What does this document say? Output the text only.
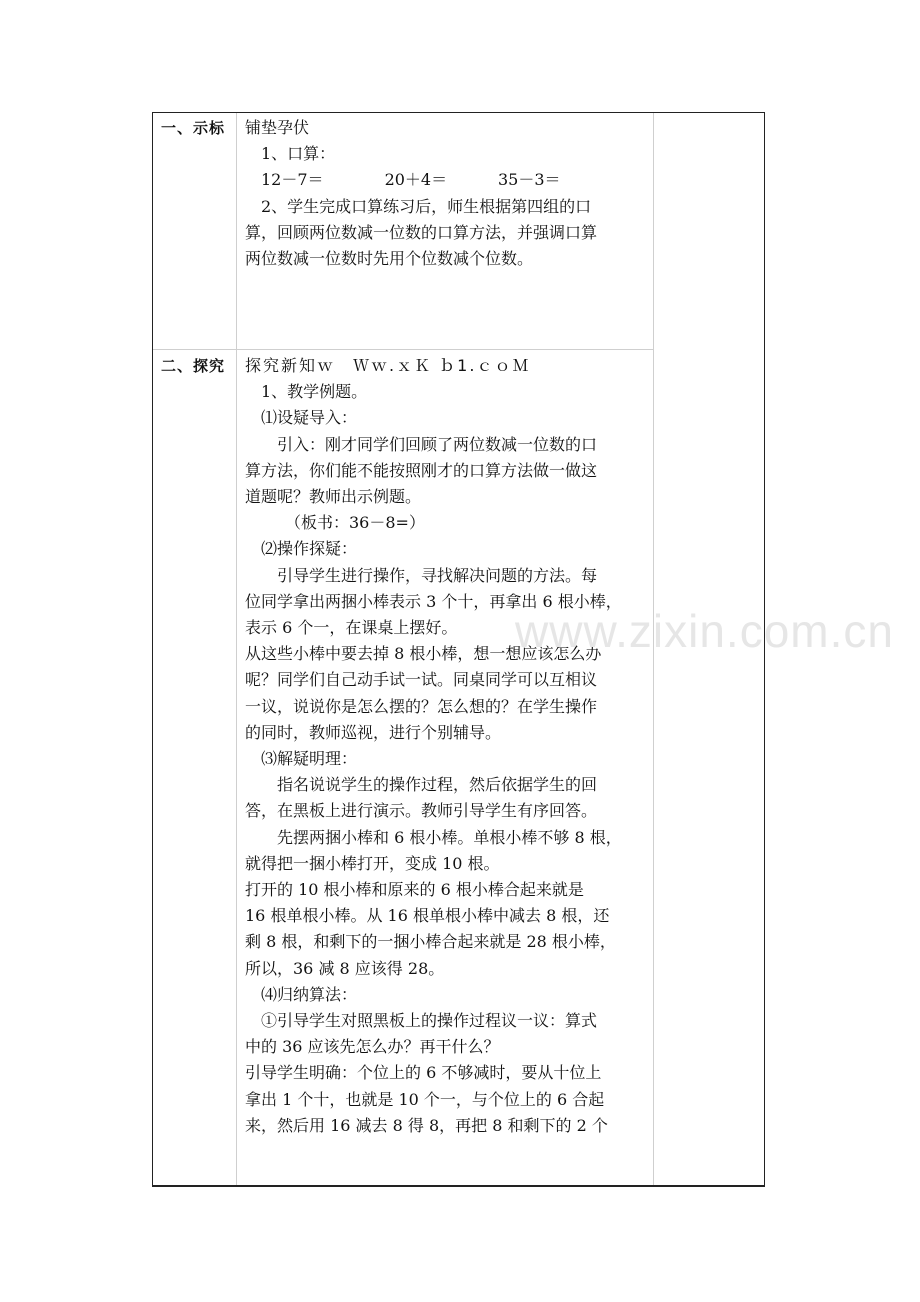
一、示标 铺垫孕伏

1、口算：

12－7＝            20＋4＝          35－3＝

2、学生完成口算练习后，师生根据第四组的口

算，回顾两位数减一位数的口算方法，并强调口算

两位数减一位数时先用个位数减个位数。

二、探究 探究新知ｗ　Ｗｗ.ｘＫ ｂ1.ｃｏＭ

1、教学例题。

⑴设疑导入：

引入：刚才同学们回顾了两位数减一位数的口

算方法，你们能不能按照刚才的口算方法做一做这

道题呢？教师出示例题。

（板书：36－8=）

⑵操作探疑：

引导学生进行操作，寻找解决问题的方法。每

位同学拿出两捆小棒表示 3 个十，再拿出 6 根小棒，

表示 6 个一，在课桌上摆好。

从这些小棒中要去掉 8 根小棒，想一想应该怎么办

呢？同学们自己动手试一试。同桌同学可以互相议

一议，说说你是怎么摆的？怎么想的？在学生操作

的同时，教师巡视，进行个别辅导。

⑶解疑明理：

指名说说学生的操作过程，然后依据学生的回

答，在黑板上进行演示。教师引导学生有序回答。

先摆两捆小棒和 6 根小棒。单根小棒不够 8 根，

就得把一捆小棒打开，变成 10 根。

打开的 10 根小棒和原来的 6 根小棒合起来就是

16 根单根小棒。从 16 根单根小棒中减去 8 根，还

剩 8 根，和剩下的一捆小棒合起来就是 28 根小棒，

所以，36 减 8 应该得 28。

⑷归纳算法：

①引导学生对照黑板上的操作过程议一议：算式

中的 36 应该先怎么办？再干什么？

引导学生明确：个位上的 6 不够减时，要从十位上

拿出 1 个十，也就是 10 个一，与个位上的 6 合起

来，然后用 16 减去 8 得 8，再把 8 和剩下的 2 个

www.zixin.com.cn
